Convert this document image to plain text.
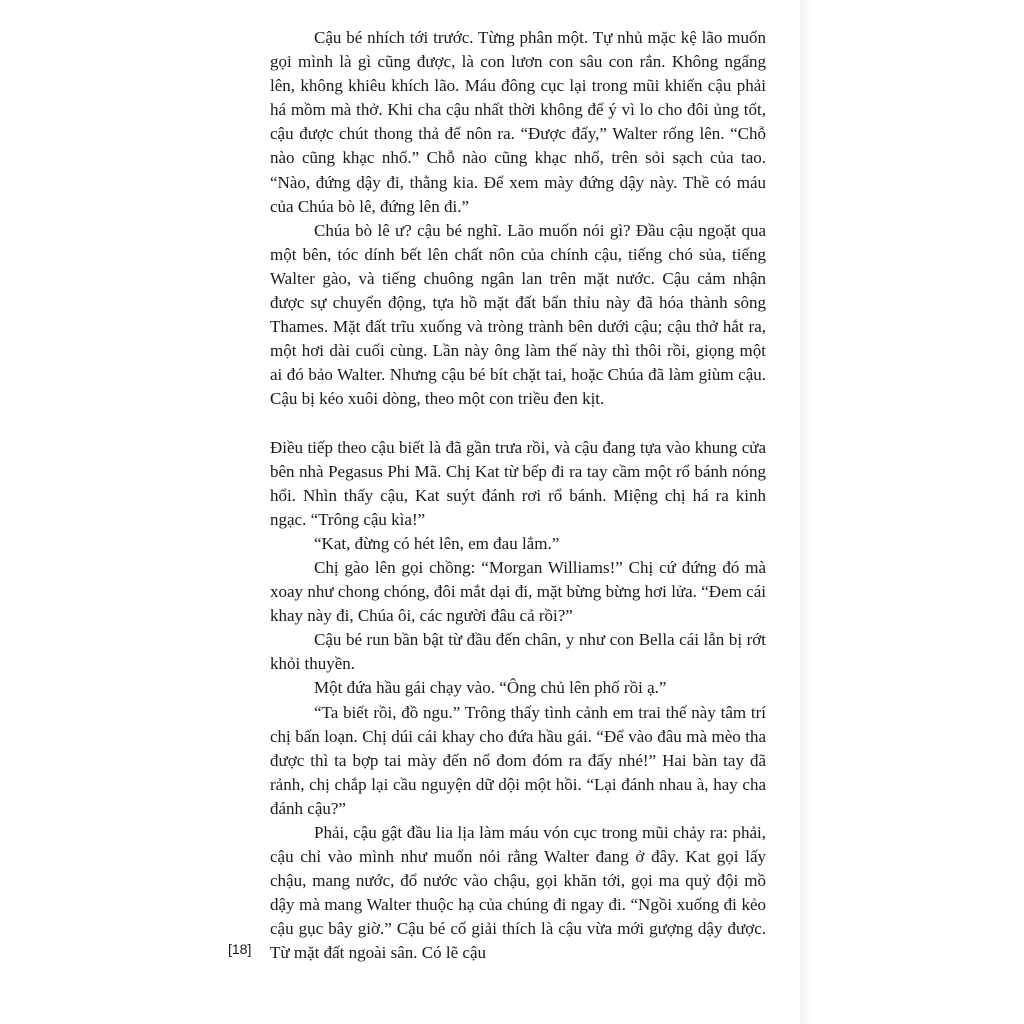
Cậu bé nhích tới trước. Từng phân một. Tự nhủ mặc kệ lão muốn gọi mình là gì cũng được, là con lươn con sâu con rắn. Không ngẩng lên, không khiêu khích lão. Máu đông cục lại trong mũi khiến cậu phải há mồm mà thở. Khi cha cậu nhất thời không để ý vì lo cho đôi ủng tốt, cậu được chút thong thả để nôn ra. “Được đấy,” Walter rống lên. “Chỗ nào cũng khạc nhổ.” Chỗ nào cũng khạc nhổ, trên sỏi sạch của tao. “Nào, đứng dậy đi, thằng kia. Để xem mày đứng dậy này. Thề có máu của Chúa bò lê, đứng lên đi.”

Chúa bò lê ư? cậu bé nghĩ. Lão muốn nói gì? Đầu cậu ngoặt qua một bên, tóc dính bết lên chất nôn của chính cậu, tiếng chó sủa, tiếng Walter gào, và tiếng chuông ngân lan trên mặt nước. Cậu cảm nhận được sự chuyển động, tựa hồ mặt đất bẩn thỉu này đã hóa thành sông Thames. Mặt đất trĩu xuống và tròng trành bên dưới cậu; cậu thở hắt ra, một hơi dài cuối cùng. Lần này ông làm thế này thì thôi rồi, giọng một ai đó bảo Walter. Nhưng cậu bé bít chặt tai, hoặc Chúa đã làm giùm cậu. Cậu bị kéo xuôi dòng, theo một con triều đen kịt.

Điều tiếp theo cậu biết là đã gần trưa rồi, và cậu đang tựa vào khung cửa bên nhà Pegasus Phi Mã. Chị Kat từ bếp đi ra tay cầm một rổ bánh nóng hổi. Nhìn thấy cậu, Kat suýt đánh rơi rổ bánh. Miệng chị há ra kinh ngạc. “Trông cậu kìa!”

“Kat, đừng có hét lên, em đau lắm.”

Chị gào lên gọi chồng: “Morgan Williams!” Chị cứ đứng đó mà xoay như chong chóng, đôi mắt dại đi, mặt bừng bừng hơi lửa. “Đem cái khay này đi, Chúa ôi, các người đâu cả rồi?”

Cậu bé run bần bật từ đầu đến chân, y như con Bella cái lẫn bị rớt khỏi thuyền.

Một đứa hầu gái chạy vào. “Ông chủ lên phố rồi ạ.”

“Ta biết rồi, đồ ngu.” Trông thấy tình cảnh em trai thế này tâm trí chị bấn loạn. Chị dúi cái khay cho đứa hầu gái. “Để vào đâu mà mèo tha được thì ta bợp tai mày đến nổ đom đóm ra đấy nhé!” Hai bàn tay đã rảnh, chị chắp lại cầu nguyện dữ dội một hồi. “Lại đánh nhau à, hay cha đánh cậu?”

Phải, cậu gật đầu lia lịa làm máu vón cục trong mũi chảy ra: phải, cậu chỉ vào mình như muốn nói rằng Walter đang ở đây. Kat gọi lấy chậu, mang nước, đổ nước vào chậu, gọi khăn tới, gọi ma quỷ đội mồ dậy mà mang Walter thuộc hạ của chúng đi ngay đi. “Ngồi xuống đi kẻo cậu gục bây giờ.” Cậu bé cố giải thích là cậu vừa mới gượng dậy được. Từ mặt đất ngoài sân. Có lẽ cậu

[18]
